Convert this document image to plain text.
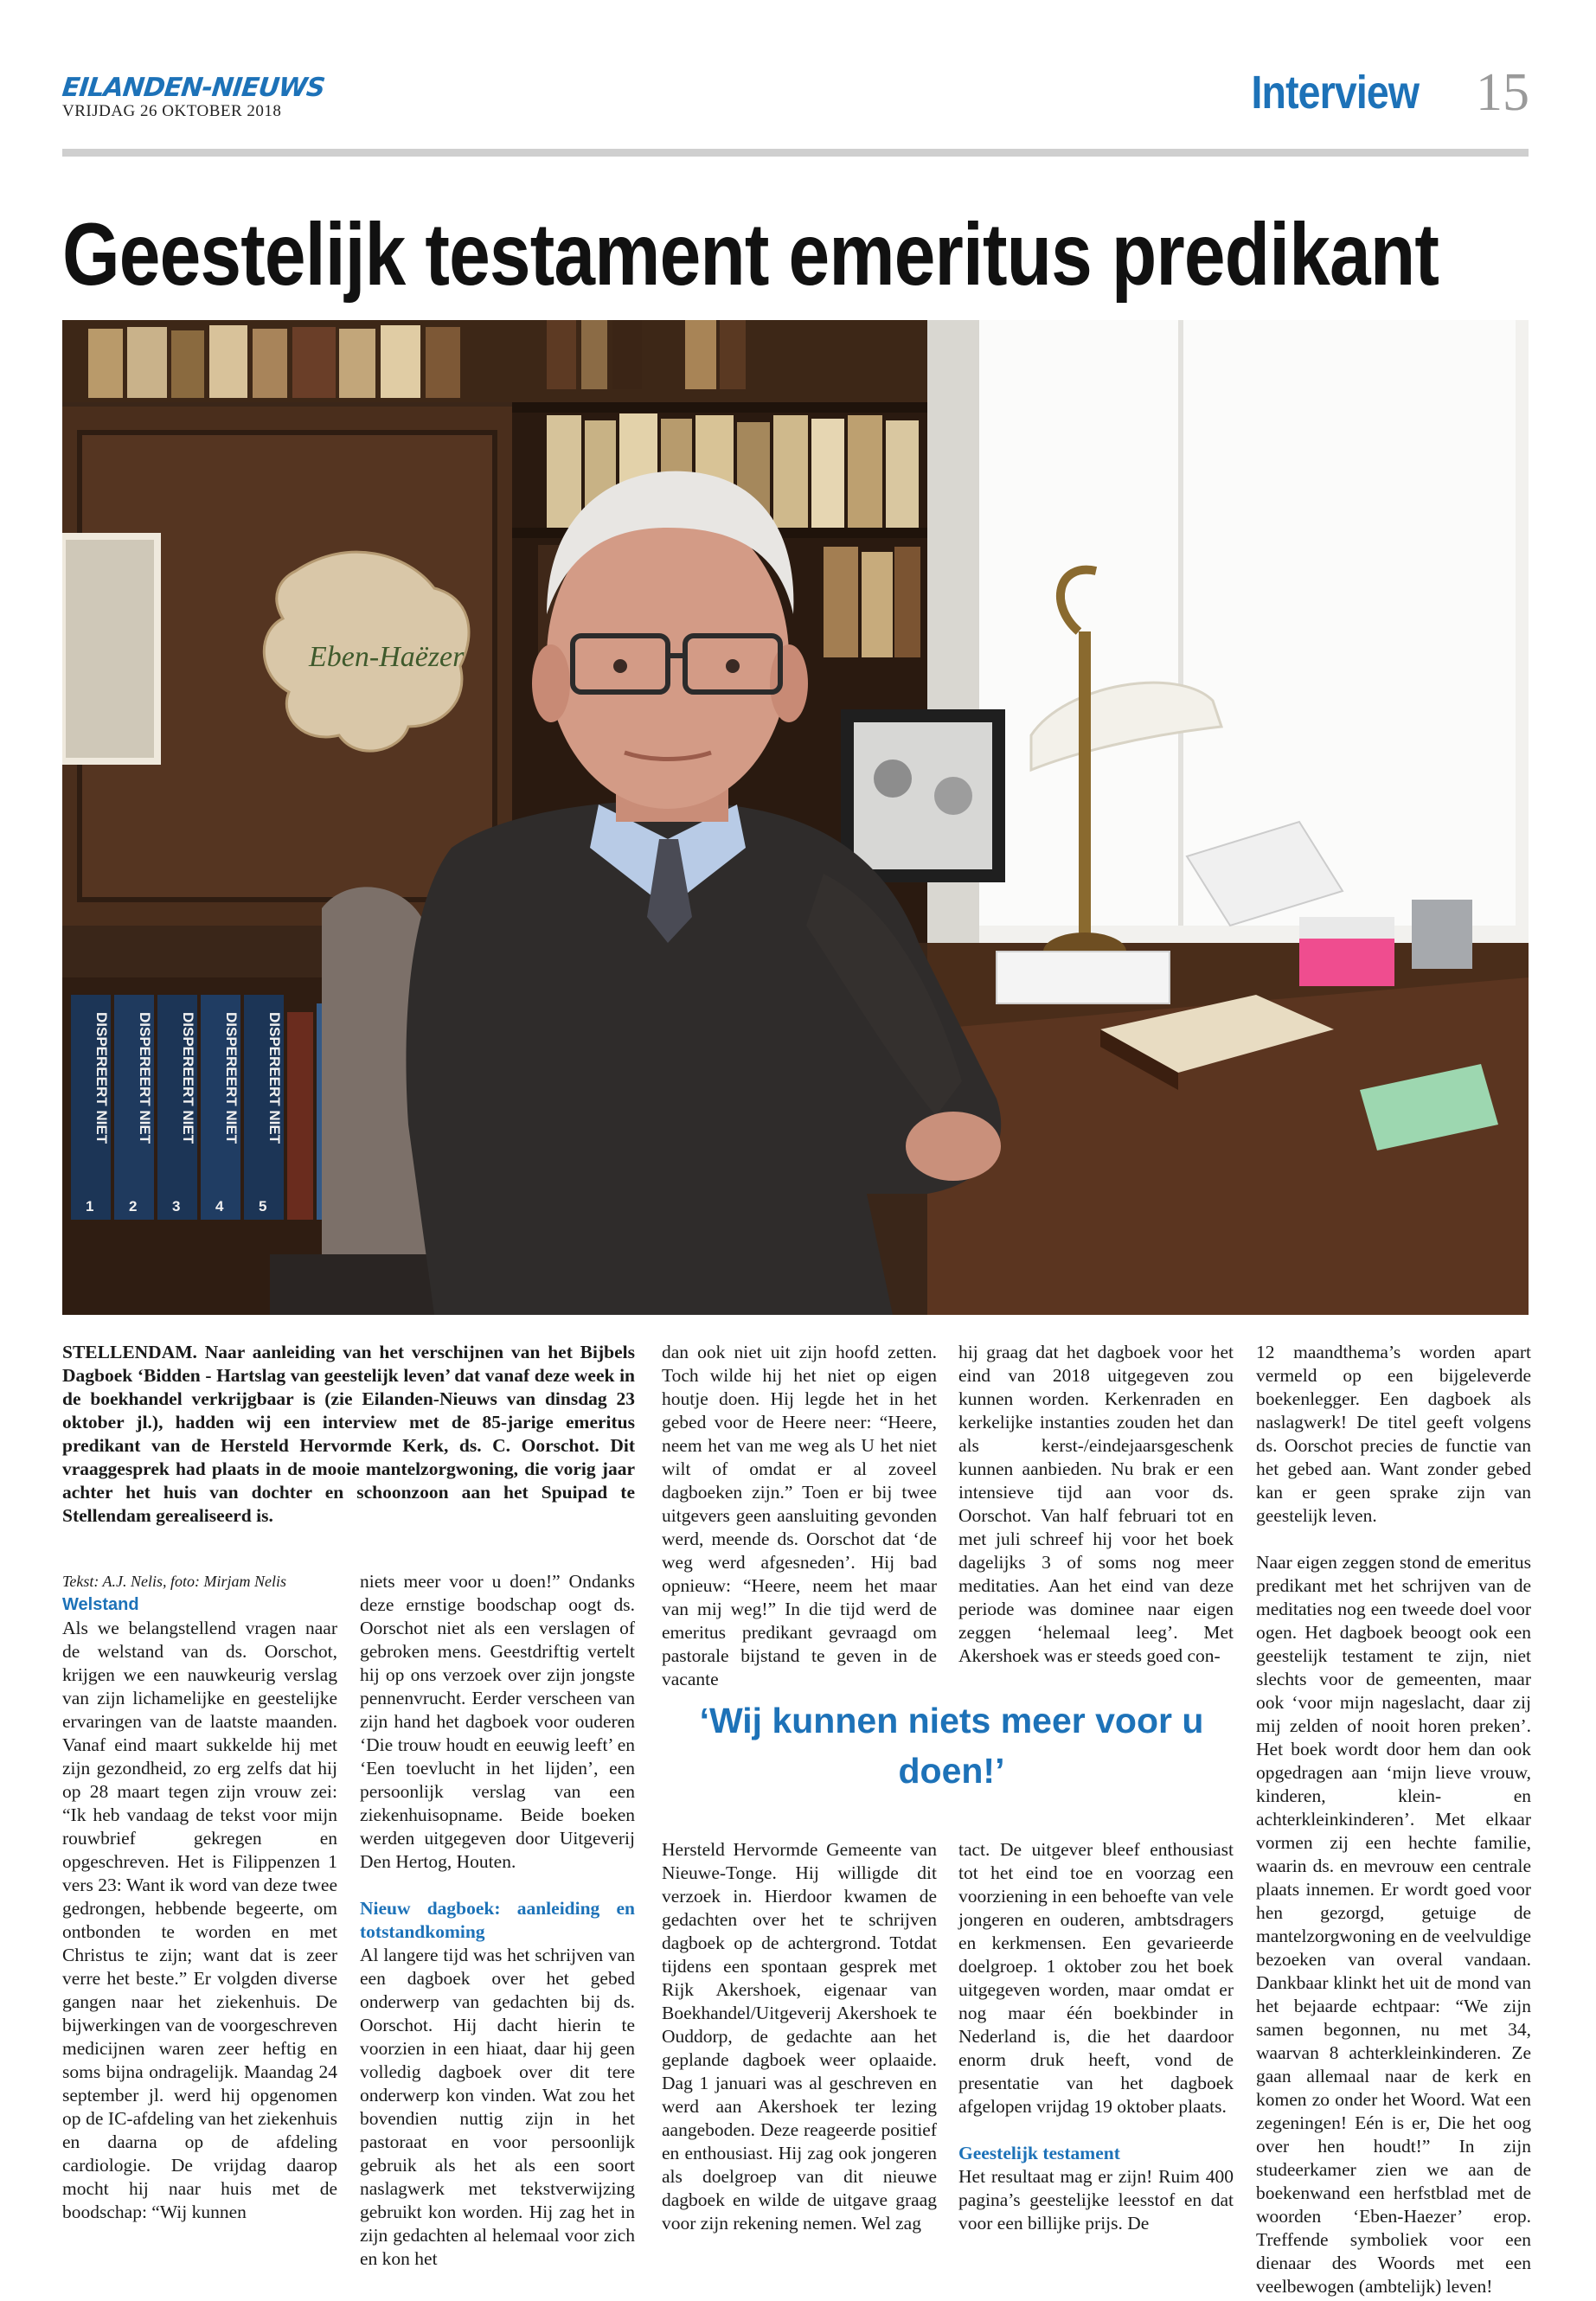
EILANDEN-NIEUWS
VRIJDAG 26 OKTOBER 2018	Interview 15
Geestelijk testament emeritus predikant
Eben-Haëzer
DISPEREERT NIET DISPEREERT NIET DISPEREERT NIET DISPEREERT NIET DISPEREERT NIET
1 2 3 4 5
STELLENDAM. Naar aanleiding van het verschijnen van het Bijbels Dagboek ‘Bidden - Hartslag van geestelijk leven’ dat vanaf deze week in de boekhandel verkrijgbaar is (zie Eilanden-Nieuws van dinsdag 23 oktober jl.), hadden wij een interview met de 85-jarige emeritus predikant van de Hersteld Hervormde Kerk, ds. C. Oorschot. Dit vraaggesprek had plaats in de mooie mantelzorgwoning, die vorig jaar achter het huis van dochter en schoonzoon aan het Spuipad te Stellendam gerealiseerd is.

Tekst: A.J. Nelis, foto: Mirjam Nelis

Welstand

Als we belangstellend vragen naar de welstand van ds. Oorschot, krijgen we een nauwkeurig verslag van zijn lichamelijke en geestelijke ervaringen van de laatste maanden. Vanaf eind maart sukkelde hij met zijn gezondheid, zo erg zelfs dat hij op 28 maart tegen zijn vrouw zei: “Ik heb vandaag de tekst voor mijn rouwbrief gekregen en opgeschreven. Het is Filippenzen 1 vers 23: Want ik word van deze twee gedrongen, hebbende begeerte, om ontbonden te worden en met Christus te zijn; want dat is zeer verre het beste.” Er volgden diverse gangen naar het ziekenhuis. De bijwerkingen van de voorgeschreven medicijnen waren zeer heftig en soms bijna ondragelijk. Maandag 24 september jl. werd hij opgenomen op de IC-afdeling van het ziekenhuis en daarna op de afdeling cardiologie. De vrijdag daarop mocht hij naar huis met de boodschap: “Wij kunnen

niets meer voor u doen!” Ondanks deze ernstige boodschap oogt ds. Oorschot niet als een verslagen of gebroken mens. Geestdriftig vertelt hij op ons verzoek over zijn jongste pennenvrucht. Eerder verscheen van zijn hand het dagboek voor ouderen ‘Die trouw houdt en eeuwig leeft’ en ‘Een toevlucht in het lijden’, een persoonlijk verslag van een ziekenhuisopname. Beide boeken werden uitgegeven door Uitgeverij Den Hertog, Houten.

Nieuw dagboek: aanleiding en totstandkoming

Al langere tijd was het schrijven van een dagboek over het gebed onderwerp van gedachten bij ds. Oorschot. Hij dacht hierin te voorzien in een hiaat, daar hij geen volledig dagboek over dit tere onderwerp kon vinden. Wat zou het bovendien nuttig zijn in het pastoraat en voor persoonlijk gebruik als het als een soort naslagwerk met tekstverwijzing gebruikt kon worden. Hij zag het in zijn gedachten al helemaal voor zich en kon het

dan ook niet uit zijn hoofd zetten. Toch wilde hij het niet op eigen houtje doen. Hij legde het in het gebed voor de Heere neer: “Heere, neem het van me weg als U het niet wilt of omdat er al zoveel dagboeken zijn.” Toen er bij twee uitgevers geen aansluiting gevonden werd, meende ds. Oorschot dat ‘de weg werd afgesneden’. Hij bad opnieuw: “Heere, neem het maar van mij weg!” In die tijd werd de emeritus predikant gevraagd om pastorale bijstand te geven in de vacante

hij graag dat het dagboek voor het eind van 2018 uitgegeven zou kunnen worden. Kerkenraden en kerkelijke instanties zouden het dan als kerst-/eindejaarsgeschenk kunnen aanbieden. Nu brak er een intensieve tijd aan voor ds. Oorschot. Van half februari tot en met juli schreef hij voor het boek dagelijks 3 of soms nog meer meditaties. Aan het eind van deze periode was dominee naar eigen zeggen ‘helemaal leeg’. Met Akershoek was er steeds goed con-

‘Wij kunnen niets meer voor u doen!’

Hersteld Hervormde Gemeente van Nieuwe-Tonge. Hij willigde dit verzoek in. Hierdoor kwamen de gedachten over het te schrijven dagboek op de achtergrond. Totdat tijdens een spontaan gesprek met Rijk Akershoek, eigenaar van Boekhandel/Uitgeverij Akershoek te Ouddorp, de gedachte aan het geplande dagboek weer oplaaide. Dag 1 januari was al geschreven en werd aan Akershoek ter lezing aangeboden. Deze reageerde positief en enthousiast. Hij zag ook jongeren als doelgroep van dit nieuwe dagboek en wilde de uitgave graag voor zijn rekening nemen. Wel zag

tact. De uitgever bleef enthousiast tot het eind toe en voorzag een voorziening in een behoefte van vele jongeren en ouderen, ambtsdragers en kerkmensen. Een gevarieerde doelgroep. 1 oktober zou het boek uitgegeven worden, maar omdat er nog maar één boekbinder in Nederland is, die het daardoor enorm druk heeft, vond de presentatie van het dagboek afgelopen vrijdag 19 oktober plaats.

Geestelijk testament

Het resultaat mag er zijn! Ruim 400 pagina’s geestelijke leesstof en dat voor een billijke prijs. De

12 maandthema’s worden apart vermeld op een bijgeleverde boekenlegger. Een dagboek als naslagwerk! De titel geeft volgens ds. Oorschot precies de functie van het gebed aan. Want zonder gebed kan er geen sprake zijn van geestelijk leven.

Naar eigen zeggen stond de emeritus predikant met het schrijven van de meditaties nog een tweede doel voor ogen. Het dagboek beoogt ook een geestelijk testament te zijn, niet slechts voor de gemeenten, maar ook ‘voor mijn nageslacht, daar zij mij zelden of nooit horen preken’. Het boek wordt door hem dan ook opgedragen aan ‘mijn lieve vrouw, kinderen, klein- en achterkleinkinderen’. Met elkaar vormen zij een hechte familie, waarin ds. en mevrouw een centrale plaats innemen. Er wordt goed voor hen gezorgd, getuige de mantelzorgwoning en de veelvuldige bezoeken van overal vandaan. Dankbaar klinkt het uit de mond van het bejaarde echtpaar: “We zijn samen begonnen, nu met 34, waarvan 8 achterkleinkinderen. Ze gaan allemaal naar de kerk en komen zo onder het Woord. Wat een zegeningen! Eén is er, Die het oog over hen houdt!” In zijn studeerkamer zien we aan de boekenwand een herfstblad met de woorden ‘Eben-Haezer’ erop. Treffende symboliek voor een dienaar des Woords met een veelbewogen (ambtelijk) leven!
